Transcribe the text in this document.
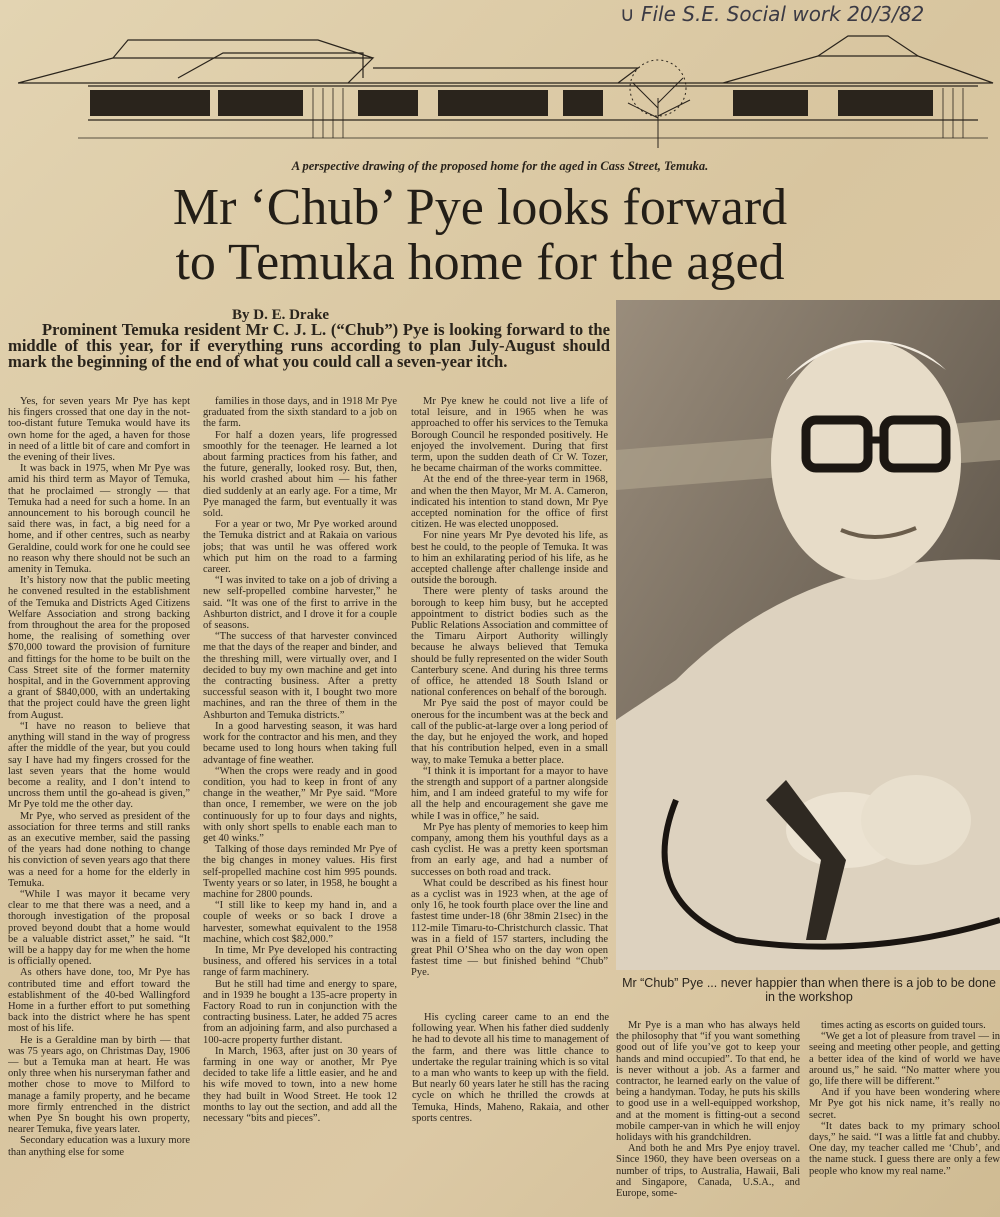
∪ File S.E. Social work 20/3/82
A perspective drawing of the proposed home for the aged in Cass Street, Temuka.
Mr ‘Chub’ Pye looks forward
to Temuka home for the aged
By D. E. Drake

Prominent Temuka resident Mr C. J. L. (“Chub”) Pye is looking forward to the middle of this year, for if everything runs according to plan July-August should mark the beginning of the end of what you could call a seven-year itch.

Yes, for seven years Mr Pye has kept his fingers crossed that one day in the not-too-distant future Temuka would have its own home for the aged, a haven for those in need of a little bit of care and comfort in the evening of their lives.

It was back in 1975, when Mr Pye was amid his third term as Mayor of Temuka, that he proclaimed — strongly — that Temuka had a need for such a home. In an announcement to his borough council he said there was, in fact, a big need for a home, and if other centres, such as nearby Geraldine, could work for one he could see no reason why there should not be such an amenity in Temuka.

It’s history now that the public meeting he convened resulted in the establishment of the Temuka and Districts Aged Citizens Welfare Association and strong backing from throughout the area for the proposed home, the realising of something over $70,000 toward the provision of furniture and fittings for the home to be built on the Cass Street site of the former maternity hospital, and in the Government approving a grant of $840,000, with an undertaking that the project could have the green light from August.

“I have no reason to believe that anything will stand in the way of progress after the middle of the year, but you could say I have had my fingers crossed for the last seven years that the home would become a reality, and I don’t intend to uncross them until the go-ahead is given,” Mr Pye told me the other day.

Mr Pye, who served as president of the association for three terms and still ranks as an executive member, said the passing of the years had done nothing to change his conviction of seven years ago that there was a need for a home for the elderly in Temuka.

“While I was mayor it became very clear to me that there was a need, and a thorough investigation of the proposal proved beyond doubt that a home would be a valuable district asset,” he said. “It will be a happy day for me when the home is officially opened.

As others have done, too, Mr Pye has contributed time and effort toward the establishment of the 40-bed Wallingford Home in a further effort to put something back into the district where he has spent most of his life.

He is a Geraldine man by birth — that was 75 years ago, on Christmas Day, 1906 — but a Temuka man at heart. He was only three when his nurseryman father and mother chose to move to Milford to manage a family property, and he became more firmly entrenched in the district when Pye Sn bought his own property, nearer Temuka, five years later.

Secondary education was a luxury more than anything else for some

families in those days, and in 1918 Mr Pye graduated from the sixth standard to a job on the farm.

For half a dozen years, life progressed smoothly for the teenager. He learned a lot about farming practices from his father, and the future, generally, looked rosy. But, then, his world crashed about him — his father died suddenly at an early age. For a time, Mr Pye managed the farm, but eventually it was sold.

For a year or two, Mr Pye worked around the Temuka district and at Rakaia on various jobs; that was until he was offered work which put him on the road to a farming career.

“I was invited to take on a job of driving a new self-propelled combine harvester,” he said. “It was one of the first to arrive in the Ashburton district, and I drove it for a couple of seasons.

“The success of that harvester convinced me that the days of the reaper and binder, and the threshing mill, were virtually over, and I decided to buy my own machine and get into the contracting business. After a pretty successful season with it, I bought two more machines, and ran the three of them in the Ashburton and Temuka districts.”

In a good harvesting season, it was hard work for the contractor and his men, and they became used to long hours when taking full advantage of fine weather.

“When the crops were ready and in good condition, you had to keep in front of any change in the weather,” Mr Pye said. “More than once, I remember, we were on the job continuously for up to four days and nights, with only short spells to enable each man to get 40 winks.”

Talking of those days reminded Mr Pye of the big changes in money values. His first self-propelled machine cost him 995 pounds. Twenty years or so later, in 1958, he bought a machine for 2800 pounds.

“I still like to keep my hand in, and a couple of weeks or so back I drove a harvester, somewhat equivalent to the 1958 machine, which cost $82,000.”

In time, Mr Pye developed his contracting business, and offered his services in a total range of farm machinery.

But he still had time and energy to spare, and in 1939 he bought a 135-acre property in Factory Road to run in conjunction with the contracting business. Later, he added 75 acres from an adjoining farm, and also purchased a 100-acre property further distant.

In March, 1963, after just on 30 years of farming in one way or another, Mr Pye decided to take life a little easier, and he and his wife moved to town, into a new home they had built in Wood Street. He took 12 months to lay out the section, and add all the necessary “bits and pieces”.

Mr Pye knew he could not live a life of total leisure, and in 1965 when he was approached to offer his services to the Temuka Borough Council he responded positively. He enjoyed the involvement. During that first term, upon the sudden death of Cr W. Tozer, he became chairman of the works committee.

At the end of the three-year term in 1968, and when the then Mayor, Mr M. A. Cameron, indicated his intention to stand down, Mr Pye accepted nomination for the office of first citizen. He was elected unopposed.

For nine years Mr Pye devoted his life, as best he could, to the people of Temuka. It was to him an exhilarating period of his life, as he accepted challenge after challenge inside and outside the borough.

There were plenty of tasks around the borough to keep him busy, but he accepted appointment to district bodies such as the Public Relations Association and committee of the Timaru Airport Authority willingly because he always believed that Temuka should be fully represented on the wider South Canterbury scene. And during his three terms of office, he attended 18 South Island or national conferences on behalf of the borough.

Mr Pye said the post of mayor could be onerous for the incumbent was at the beck and call of the public-at-large over a long period of the day, but he enjoyed the work, and hoped that his contribution helped, even in a small way, to make Temuka a better place.

“I think it is important for a mayor to have the strength and support of a partner alongside him, and I am indeed grateful to my wife for all the help and encouragement she gave me while I was in office,” he said.

Mr Pye has plenty of memories to keep him company, among them his youthful days as a cash cyclist. He was a pretty keen sportsman from an early age, and had a number of successes on both road and track.

What could be described as his finest hour as a cyclist was in 1923 when, at the age of only 16, he took fourth place over the line and fastest time under-18 (6hr 38min 21sec) in the 112-mile Timaru-to-Christchurch classic. That was in a field of 157 starters, including the great Phil O’Shea who on the day won open fastest time — but finished behind “Chub” Pye.

His cycling career came to an end the following year. When his father died suddenly he had to devote all his time to management of the farm, and there was little chance to undertake the regular training which is so vital to a man who wants to keep up with the field. But nearly 60 years later he still has the racing cycle on which he thrilled the crowds at Temuka, Hinds, Maheno, Rakaia, and other sports centres.

Mr Pye is a man who has always held the philosophy that “if you want something good out of life you’ve got to keep your hands and mind occupied”. To that end, he is never without a job. As a farmer and contractor, he learned early on the value of being a handyman. Today, he puts his skills to good use in a well-equipped workshop, and at the moment is fitting-out a second mobile camper-van in which he will enjoy holidays with his grandchildren.

And both he and Mrs Pye enjoy travel. Since 1960, they have been overseas on a number of trips, to Australia, Hawaii, Bali and Singapore, Canada, U.S.A., and Europe, some-

times acting as escorts on guided tours.

“We get a lot of pleasure from travel — in seeing and meeting other people, and getting a better idea of the kind of world we have around us,” he said. “No matter where you go, life there will be different.”

And if you have been wondering where Mr Pye got his nick name, it’s really no secret.

“It dates back to my primary school days,” he said. “I was a little fat and chubby. One day, my teacher called me ‘Chub’, and the name stuck. I guess there are only a few people who know my real name.”

Mr “Chub” Pye ... never happier than when there is a job to be done in the workshop
